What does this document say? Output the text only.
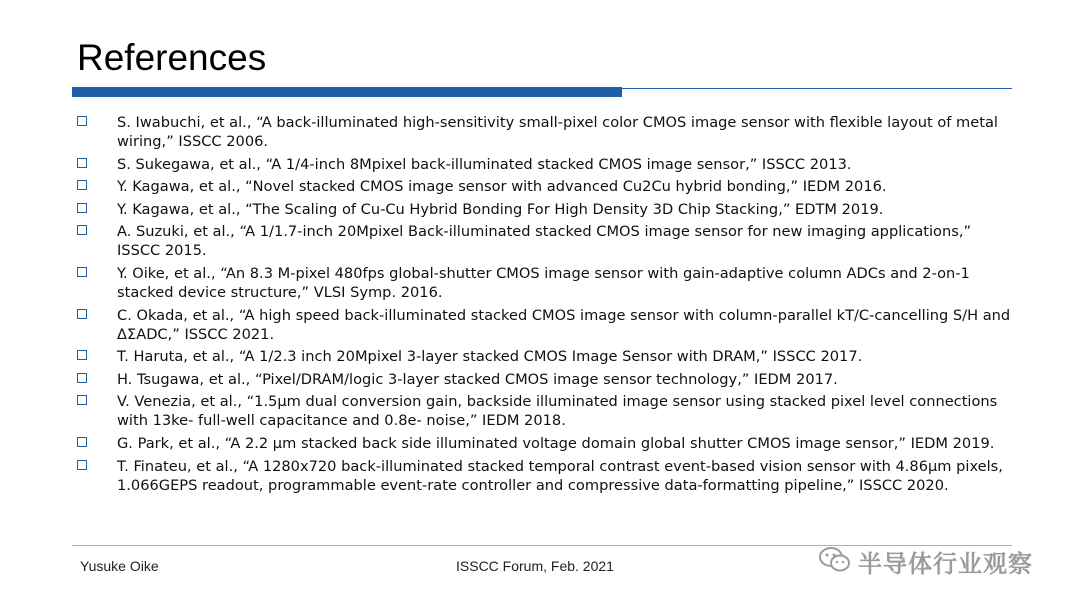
References
S. Iwabuchi, et al., “A back-illuminated high-sensitivity small-pixel color CMOS image sensor with flexible layout of metal wiring,” ISSCC 2006.
S. Sukegawa, et al., “A 1/4-inch 8Mpixel back-illuminated stacked CMOS image sensor,” ISSCC 2013.
Y. Kagawa, et al., “Novel stacked CMOS image sensor with advanced Cu2Cu hybrid bonding,” IEDM 2016.
Y. Kagawa, et al., “The Scaling of Cu-Cu Hybrid Bonding For High Density 3D Chip Stacking,” EDTM 2019.
A. Suzuki, et al., “A 1/1.7-inch 20Mpixel Back-illuminated stacked CMOS image sensor for new imaging applications,” ISSCC 2015.
Y. Oike, et al., “An 8.3 M-pixel 480fps global-shutter CMOS image sensor with gain-adaptive column ADCs and 2-on-1 stacked device structure,” VLSI Symp. 2016.
C. Okada, et al., “A high speed back-illuminated stacked CMOS image sensor with column-parallel kT/C-cancelling S/H and ΔΣADC,” ISSCC 2021.
T. Haruta, et al., “A 1/2.3 inch 20Mpixel 3-layer stacked CMOS Image Sensor with DRAM,” ISSCC 2017.
H. Tsugawa, et al., “Pixel/DRAM/logic 3-layer stacked CMOS image sensor technology,” IEDM 2017.
V. Venezia, et al., “1.5μm dual conversion gain, backside illuminated image sensor using stacked pixel level connections with 13ke- full-well capacitance and 0.8e- noise,” IEDM 2018.
G. Park, et al., “A 2.2 μm stacked back side illuminated voltage domain global shutter CMOS image sensor,” IEDM 2019.
T. Finateu, et al., “A 1280x720 back-illuminated stacked temporal contrast event-based vision sensor with 4.86μm pixels, 1.066GEPS readout, programmable event-rate controller and compressive data-formatting pipeline,” ISSCC 2020.
Yusuke Oike	ISSCC Forum, Feb. 2021	半导体行业观察
